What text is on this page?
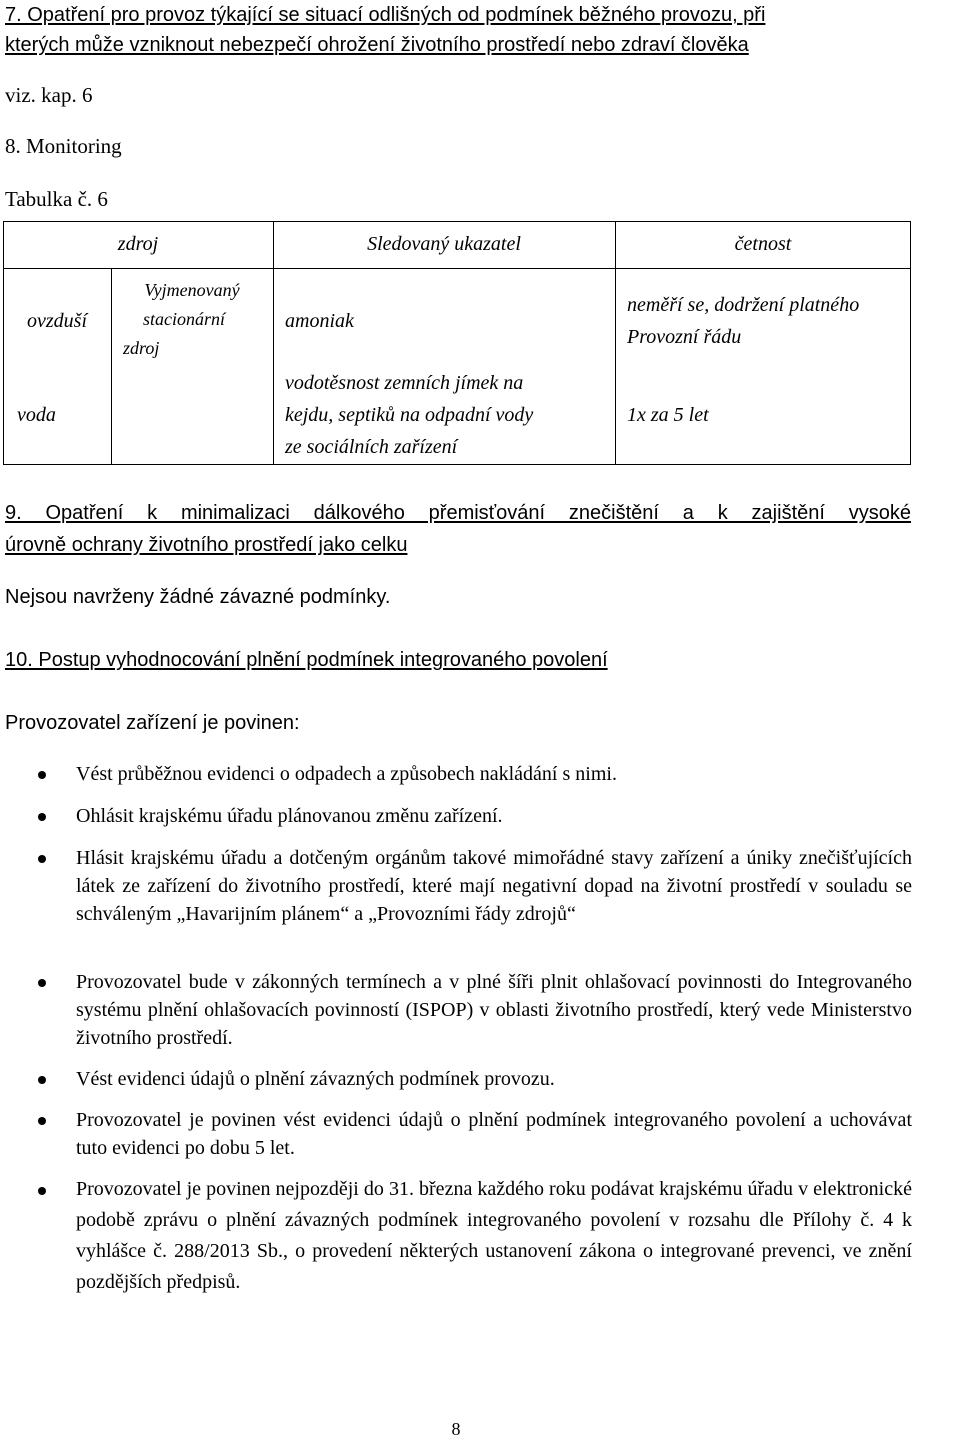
7. Opatření pro provoz týkající se situací odlišných od podmínek běžného provozu, při
kterých může vzniknout nebezpečí ohrožení životního prostředí nebo zdraví člověka
viz. kap. 6
8. Monitoring
Tabulka č. 6
zdroj	Sledovaný ukazatel	četnost
ovzduší
Vyjmenovaný
stacionární
zdroj
amoniak
neměří se, dodržení platného
Provozní řádu
voda
vodotěsnost zemních jímek na
kejdu, septiků na odpadní vody
ze sociálních zařízení
1x za 5 let
9. Opatření k minimalizaci dálkového přemisťování znečištění a k zajištění vysoké
úrovně ochrany životního prostředí jako celku
Nejsou navrženy žádné závazné podmínky.
10. Postup vyhodnocování plnění podmínek integrovaného povolení
Provozovatel zařízení je povinen:
Vést průběžnou evidenci o odpadech a způsobech nakládání s nimi.
Ohlásit krajskému úřadu plánovanou změnu zařízení.
Hlásit krajskému úřadu a dotčeným orgánům takové mimořádné stavy zařízení a úniky znečišťujících látek ze zařízení do životního prostředí, které mají negativní dopad na životní prostředí v souladu se schváleným „Havarijním plánem“ a „Provozními řády zdrojů“
Provozovatel bude v zákonných termínech a v plné šíři plnit ohlašovací povinnosti do Integrovaného systému plnění ohlašovacích povinností (ISPOP) v oblasti životního prostředí, který vede Ministerstvo životního prostředí.
Vést evidenci údajů o plnění závazných podmínek provozu.
Provozovatel je povinen vést evidenci údajů o plnění podmínek integrovaného povolení a uchovávat tuto evidenci po dobu 5 let.
Provozovatel je povinen nejpozději do 31. března každého roku podávat krajskému úřadu v elektronické podobě zprávu o plnění závazných podmínek integrovaného povolení v rozsahu dle Přílohy č. 4 k vyhlášce č. 288/2013 Sb., o provedení některých ustanovení zákona o integrované prevenci, ve znění pozdějších předpisů.
8
